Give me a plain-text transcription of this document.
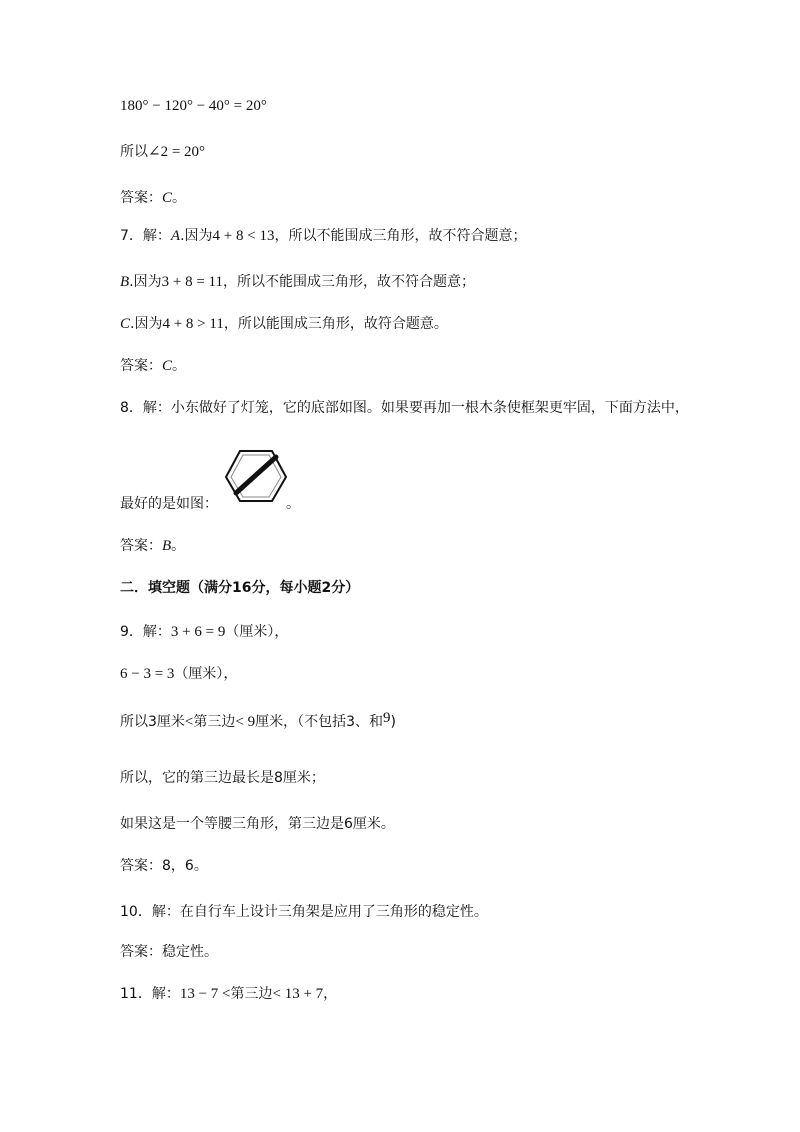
180° − 120° − 40° = 20°
所以∠2 = 20°
答案：C。
7．解：A.因为4 + 8 < 13，所以不能围成三角形，故不符合题意；
B.因为3 + 8 = 11，所以不能围成三角形，故不符合题意；
C.因为4 + 8 > 11，所以能围成三角形，故符合题意。
答案：C。
8．解：小东做好了灯笼，它的底部如图。如果要再加一根木条使框架更牢固，下面方法中，
最好的是如图：	。
答案：B。
二．填空题（满分16分，每小题2分）
9．解：3 + 6 = 9（厘米），
6 − 3 = 3（厘米），
所以3厘米<第三边< 9厘米，（不包括3、和9)
所以，它的第三边最长是8厘米；
如果这是一个等腰三角形，第三边是6厘米。
答案：8，6。
10．解：在自行车上设计三角架是应用了三角形的稳定性。
答案：稳定性。
11．解：13 − 7 <第三边< 13 + 7，
